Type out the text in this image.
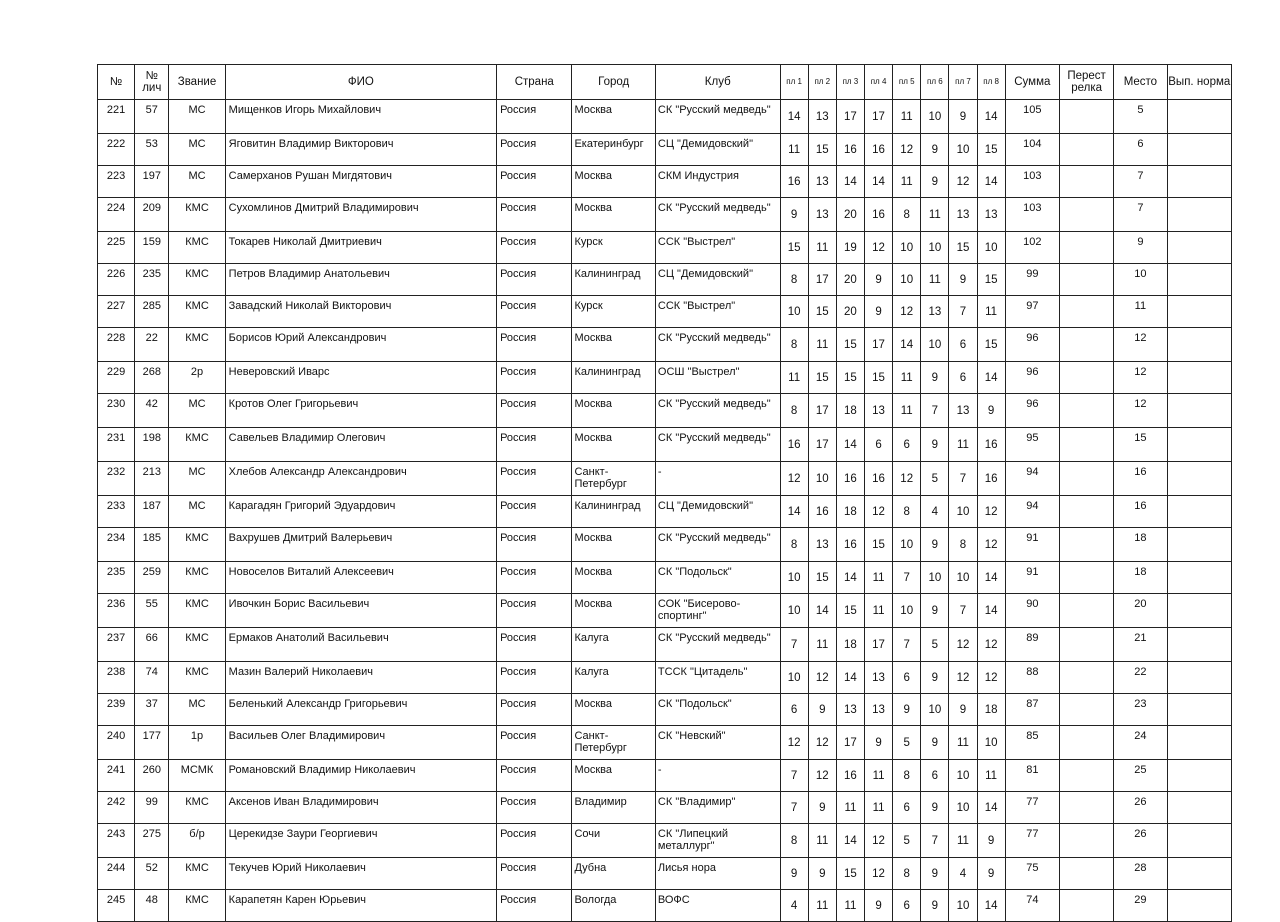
№	№ лич	Звание	ФИО	Страна	Город	Клуб	пл 1	пл 2	пл 3	пл 4	пл 5	пл 6	пл 7	пл 8	Сумма	Перест релка	Место	Вып. норма
221	57	МС	Мищенков Игорь Михайлович	Россия	Москва	СК "Русский медведь"	14	13	17	17	11	10	9	14	105		5	
222	53	МС	Яговитин Владимир Викторович	Россия	Екатеринбург	СЦ "Демидовский"	11	15	16	16	12	9	10	15	104		6	
223	197	МС	Самерханов Рушан Мигдятович	Россия	Москва	СКМ Индустрия	16	13	14	14	11	9	12	14	103		7	
224	209	КМС	Сухомлинов Дмитрий Владимирович	Россия	Москва	СК "Русский медведь"	9	13	20	16	8	11	13	13	103		7	
225	159	КМС	Токарев Николай Дмитриевич	Россия	Курск	ССК "Выстрел"	15	11	19	12	10	10	15	10	102		9	
226	235	КМС	Петров Владимир Анатольевич	Россия	Калининград	СЦ "Демидовский"	8	17	20	9	10	11	9	15	99		10	
227	285	КМС	Завадский Николай Викторович	Россия	Курск	ССК "Выстрел"	10	15	20	9	12	13	7	11	97		11	
228	22	КМС	Борисов Юрий Александрович	Россия	Москва	СК "Русский медведь"	8	11	15	17	14	10	6	15	96		12	
229	268	2р	Неверовский Иварс	Россия	Калининград	ОСШ "Выстрел"	11	15	15	15	11	9	6	14	96		12	
230	42	МС	Кротов Олег Григорьевич	Россия	Москва	СК "Русский медведь"	8	17	18	13	11	7	13	9	96		12	
231	198	КМС	Савельев Владимир Олегович	Россия	Москва	СК "Русский медведь"	16	17	14	6	6	9	11	16	95		15	
232	213	МС	Хлебов Александр Александрович	Россия	Санкт-Петербург	-	12	10	16	16	12	5	7	16	94		16	
233	187	МС	Карагадян Григорий Эдуардович	Россия	Калининград	СЦ "Демидовский"	14	16	18	12	8	4	10	12	94		16	
234	185	КМС	Вахрушев Дмитрий Валерьевич	Россия	Москва	СК "Русский медведь"	8	13	16	15	10	9	8	12	91		18	
235	259	КМС	Новоселов Виталий Алексеевич	Россия	Москва	СК "Подольск"	10	15	14	11	7	10	10	14	91		18	
236	55	КМС	Ивочкин Борис Васильевич	Россия	Москва	СОК "Бисерово-спортинг"	10	14	15	11	10	9	7	14	90		20	
237	66	КМС	Ермаков Анатолий Васильевич	Россия	Калуга	СК "Русский медведь"	7	11	18	17	7	5	12	12	89		21	
238	74	КМС	Мазин Валерий Николаевич	Россия	Калуга	ТССК "Цитадель"	10	12	14	13	6	9	12	12	88		22	
239	37	МС	Беленький Александр Григорьевич	Россия	Москва	СК "Подольск"	6	9	13	13	9	10	9	18	87		23	
240	177	1р	Васильев Олег Владимирович	Россия	Санкт-Петербург	СК "Невский"	12	12	17	9	5	9	11	10	85		24	
241	260	МСМК	Романовский Владимир Николаевич	Россия	Москва	-	7	12	16	11	8	6	10	11	81		25	
242	99	КМС	Аксенов Иван Владимирович	Россия	Владимир	СК "Владимир"	7	9	11	11	6	9	10	14	77		26	
243	275	б/р	Церекидзе Заури Георгиевич	Россия	Сочи	СК "Липецкий металлург"	8	11	14	12	5	7	11	9	77		26	
244	52	КМС	Текучев Юрий Николаевич	Россия	Дубна	Лисья нора	9	9	15	12	8	9	4	9	75		28	
245	48	КМС	Карапетян Карен Юрьевич	Россия	Вологда	ВОФС	4	11	11	9	6	9	10	14	74		29	
